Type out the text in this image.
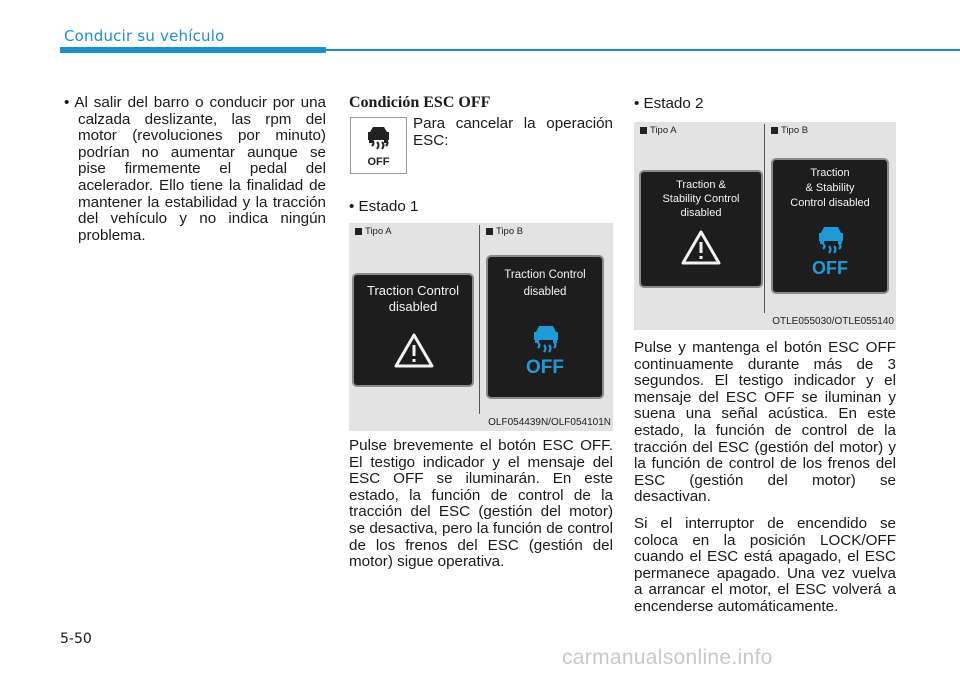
Conducir su vehículo

• Al salir del barro o conducir por una calzada deslizante, las rpm del motor (revoluciones por minuto) podrían no aumentar aunque se pise firmemente el pedal del acelerador. Ello tiene la finalidad de mantener la estabilidad y la tracción del vehículo y no indica ningún problema.

Condición ESC OFF
OFF

Para cancelar la operación ESC:

• Estado 1
Tipo A	Tipo B
Traction Control
disabled
Traction Control
disabled
OFF
OLF054439N/OLF054101N
Pulse brevemente el botón ESC OFF. El testigo indicador y el mensaje del ESC OFF se iluminarán. En este estado, la función de control de la tracción del ESC (gestión del motor) se desactiva, pero la función de control de los frenos del ESC (gestión del motor) sigue operativa.
• Estado 2
Tipo A	Tipo B
Traction &
Stability Control
disabled
Traction
& Stability
Control disabled
OFF
OTLE055030/OTLE055140

Pulse y mantenga el botón ESC OFF continuamente durante más de 3 segundos. El testigo indicador y el mensaje del ESC OFF se iluminan y suena una señal acústica. En este estado, la función de control de la tracción del ESC (gestión del motor) y la función de control de los frenos del ESC (gestión del motor) se desactivan.

Si el interruptor de encendido se coloca en la posición LOCK/OFF cuando el ESC está apagado, el ESC permanece apagado. Una vez vuelva a arrancar el motor, el ESC volverá a encenderse automáticamente.

5-50
carmanualsonline.info
